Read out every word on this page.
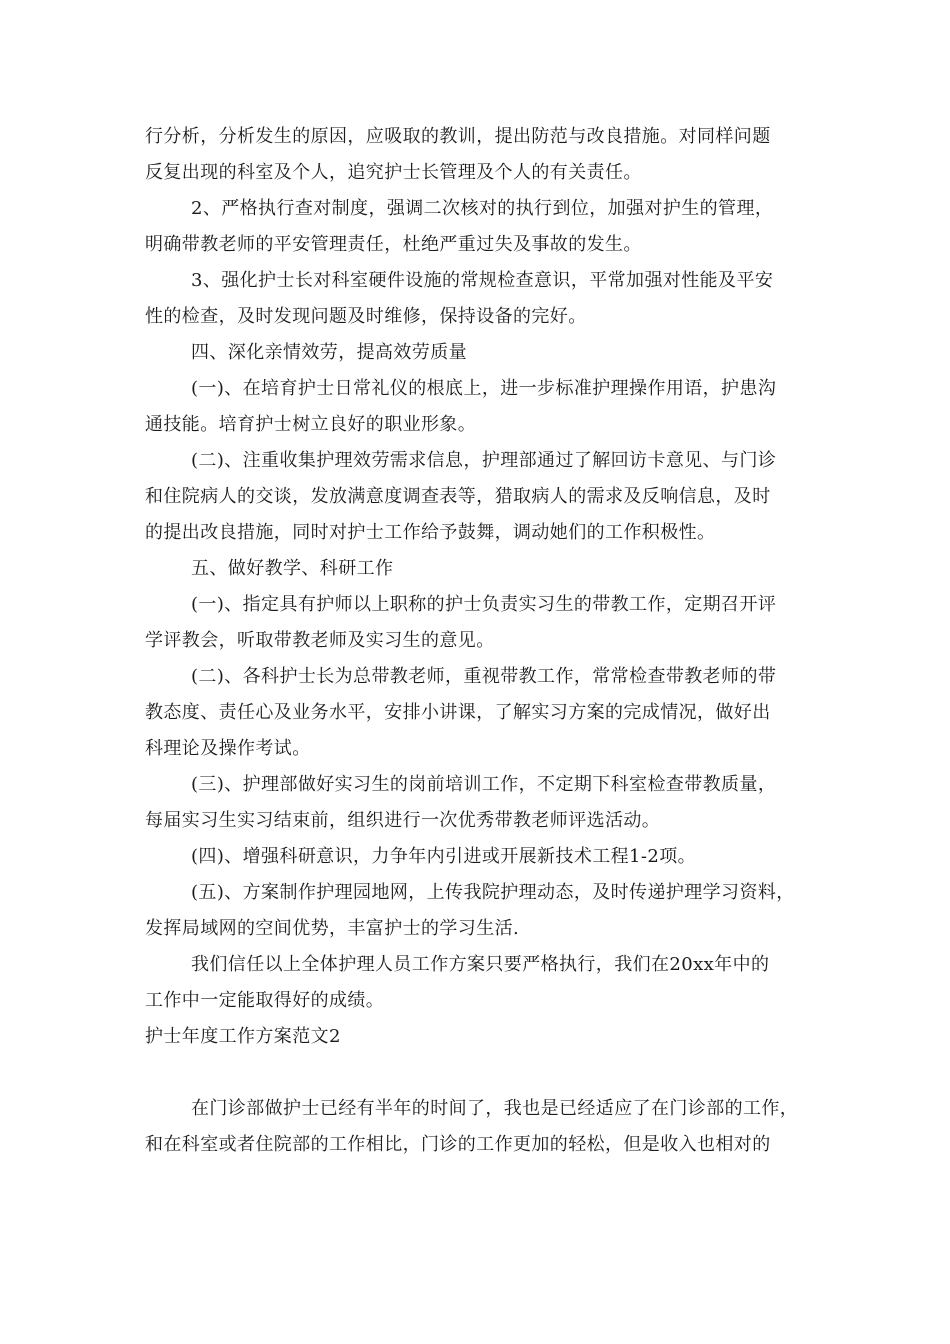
行分析，分析发生的原因，应吸取的教训，提出防范与改良措施。对同样问题
反复出现的科室及个人，追究护士长管理及个人的有关责任。
2、严格执行查对制度，强调二次核对的执行到位，加强对护生的管理，
明确带教老师的平安管理责任，杜绝严重过失及事故的发生。
3、强化护士长对科室硬件设施的常规检查意识，平常加强对性能及平安
性的检查，及时发现问题及时维修，保持设备的完好。
四、深化亲情效劳，提高效劳质量
(一)、在培育护士日常礼仪的根底上，进一步标准护理操作用语，护患沟
通技能。培育护士树立良好的职业形象。
(二)、注重收集护理效劳需求信息，护理部通过了解回访卡意见、与门诊
和住院病人的交谈，发放满意度调查表等，猎取病人的需求及反响信息，及时
的提出改良措施，同时对护士工作给予鼓舞，调动她们的工作积极性。
五、做好教学、科研工作
(一)、指定具有护师以上职称的护士负责实习生的带教工作，定期召开评
学评教会，听取带教老师及实习生的意见。
(二)、各科护士长为总带教老师，重视带教工作，常常检查带教老师的带
教态度、责任心及业务水平，安排小讲课，了解实习方案的完成情况，做好出
科理论及操作考试。
(三)、护理部做好实习生的岗前培训工作，不定期下科室检查带教质量，
每届实习生实习结束前，组织进行一次优秀带教老师评选活动。
(四)、增强科研意识，力争年内引进或开展新技术工程1-2项。
(五)、方案制作护理园地网，上传我院护理动态，及时传递护理学习资料，
发挥局域网的空间优势，丰富护士的学习生活.
我们信任以上全体护理人员工作方案只要严格执行，我们在20xx年中的
工作中一定能取得好的成绩。
护士年度工作方案范文2
在门诊部做护士已经有半年的时间了，我也是已经适应了在门诊部的工作，
和在科室或者住院部的工作相比，门诊的工作更加的轻松，但是收入也相对的
